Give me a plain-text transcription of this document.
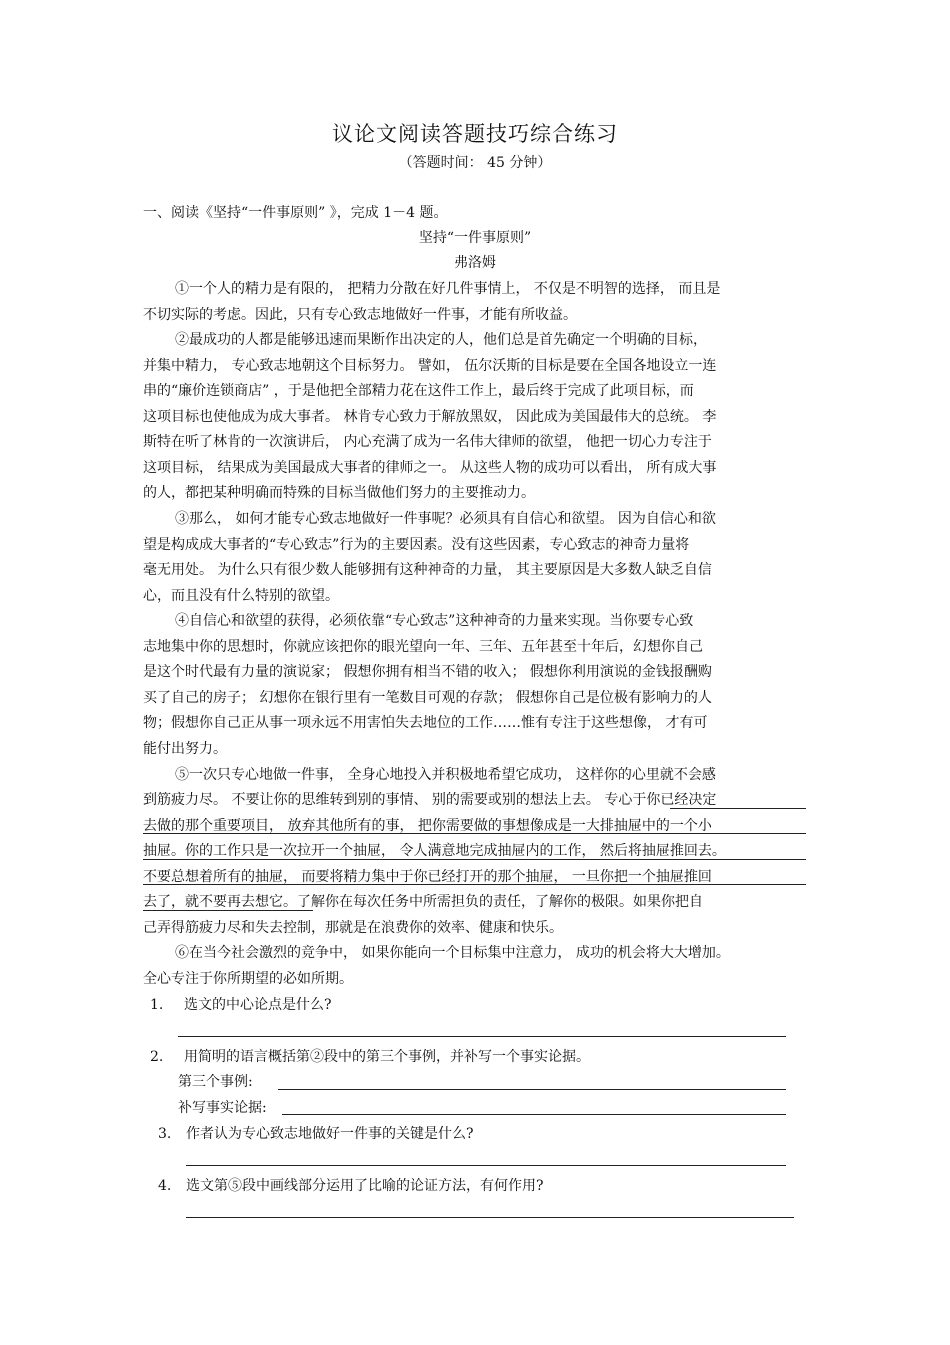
议论文阅读答题技巧综合练习
（答题时间： 45 分钟）
一、阅读《坚持“一件事原则” 》，完成 1－4 题。
坚持“一件事原则”
弗洛姆
①一个人的精力是有限的， 把精力分散在好几件事情上， 不仅是不明智的选择， 而且是
不切实际的考虑。因此，只有专心致志地做好一件事，才能有所收益。
②最成功的人都是能够迅速而果断作出决定的人，他们总是首先确定一个明确的目标，
并集中精力， 专心致志地朝这个目标努力。 譬如， 伍尔沃斯的目标是要在全国各地设立一连
串的“廉价连锁商店” ，于是他把全部精力花在这件工作上，最后终于完成了此项目标，而
这项目标也使他成为成大事者。 林肯专心致力于解放黑奴， 因此成为美国最伟大的总统。 李
斯特在听了林肯的一次演讲后， 内心充满了成为一名伟大律师的欲望， 他把一切心力专注于
这项目标， 结果成为美国最成大事者的律师之一。 从这些人物的成功可以看出， 所有成大事
的人，都把某种明确而特殊的目标当做他们努力的主要推动力。
③那么， 如何才能专心致志地做好一件事呢？必须具有自信心和欲望。 因为自信心和欲
望是构成成大事者的“专心致志”行为的主要因素。没有这些因素，专心致志的神奇力量将
毫无用处。 为什么只有很少数人能够拥有这种神奇的力量， 其主要原因是大多数人缺乏自信
心，而且没有什么特别的欲望。
④自信心和欲望的获得，必须依靠“专心致志”这种神奇的力量来实现。当你要专心致
志地集中你的思想时，你就应该把你的眼光望向一年、三年、五年甚至十年后，幻想你自己
是这个时代最有力量的演说家； 假想你拥有相当不错的收入； 假想你利用演说的金钱报酬购
买了自己的房子； 幻想你在银行里有一笔数目可观的存款； 假想你自己是位极有影响力的人
物；假想你自己正从事一项永远不用害怕失去地位的工作……惟有专注于这些想像， 才有可
能付出努力。
⑤一次只专心地做一件事， 全身心地投入并积极地希望它成功， 这样你的心里就不会感
到筋疲力尽。 不要让你的思维转到别的事情、 别的需要或别的想法上去。 专心于你已经决定
去做的那个重要项目， 放弃其他所有的事， 把你需要做的事想像成是一大排抽屉中的一个小
抽屉。你的工作只是一次拉开一个抽屉， 令人满意地完成抽屉内的工作， 然后将抽屉推回去。
不要总想着所有的抽屉， 而要将精力集中于你已经打开的那个抽屉， 一旦你把一个抽屉推回
去了，就不要再去想它。了解你在每次任务中所需担负的责任，了解你的极限。如果你把自
己弄得筋疲力尽和失去控制，那就是在浪费你的效率、健康和快乐。
⑥在当今社会激烈的竞争中， 如果你能向一个目标集中注意力， 成功的机会将大大增加。
全心专注于你所期望的必如所期。
1. 选文的中心论点是什么?
2. 用简明的语言概括第②段中的第三个事例，并补写一个事实论据。
第三个事例:
补写事实论据:
3. 作者认为专心致志地做好一件事的关键是什么?
4. 选文第⑤段中画线部分运用了比喻的论证方法，有何作用?
